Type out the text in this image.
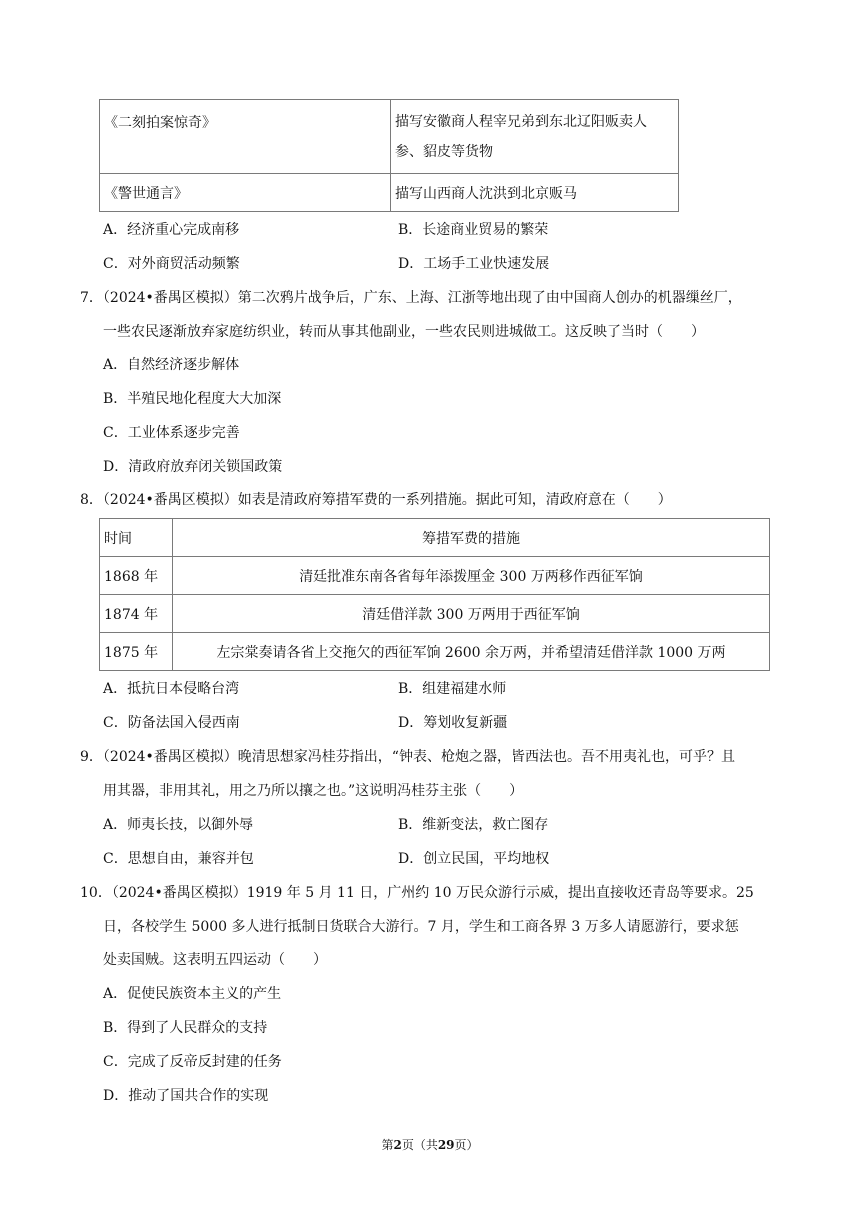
《二刻拍案惊奇》	描写安徽商人程宰兄弟到东北辽阳贩卖人
参、貂皮等货物

《警世通言》	描写山西商人沈洪到北京贩马
A．经济重心完成南移	B．长途商业贸易的繁荣
C．对外商贸活动频繁	D．工场手工业快速发展
7．（2024•番禺区模拟）第二次鸦片战争后，广东、上海、江浙等地出现了由中国商人创办的机器缫丝厂，
一些农民逐渐放弃家庭纺织业，转而从事其他副业，一些农民则进城做工。这反映了当时（　　）
A．自然经济逐步解体
B．半殖民地化程度大大加深
C．工业体系逐步完善
D．清政府放弃闭关锁国政策
8．（2024•番禺区模拟）如表是清政府筹措军费的一系列措施。据此可知，清政府意在（　　）
时间	筹措军费的措施
1868 年	清廷批准东南各省每年添拨厘金 300 万两移作西征军饷
1874 年	清廷借洋款 300 万两用于西征军饷
1875 年	左宗棠奏请各省上交拖欠的西征军饷 2600 余万两，并希望清廷借洋款 1000 万两
A．抵抗日本侵略台湾	B．组建福建水师
C．防备法国入侵西南	D．筹划收复新疆
9．（2024•番禺区模拟）晚清思想家冯桂芬指出，“钟表、枪炮之器，皆西法也。吾不用夷礼也，可乎？且
用其器，非用其礼，用之乃所以攘之也。”这说明冯桂芬主张（　　）
A．师夷长技，以御外辱	B．维新变法，救亡图存
C．思想自由，兼容并包	D．创立民国，平均地权
10．（2024•番禺区模拟）1919 年 5 月 11 日，广州约 10 万民众游行示威，提出直接收还青岛等要求。25
日，各校学生 5000 多人进行抵制日货联合大游行。7 月，学生和工商各界 3 万多人请愿游行，要求惩
处卖国贼。这表明五四运动（　　）
A．促使民族资本主义的产生
B．得到了人民群众的支持
C．完成了反帝反封建的任务
D．推动了国共合作的实现
第2页（共29页）
